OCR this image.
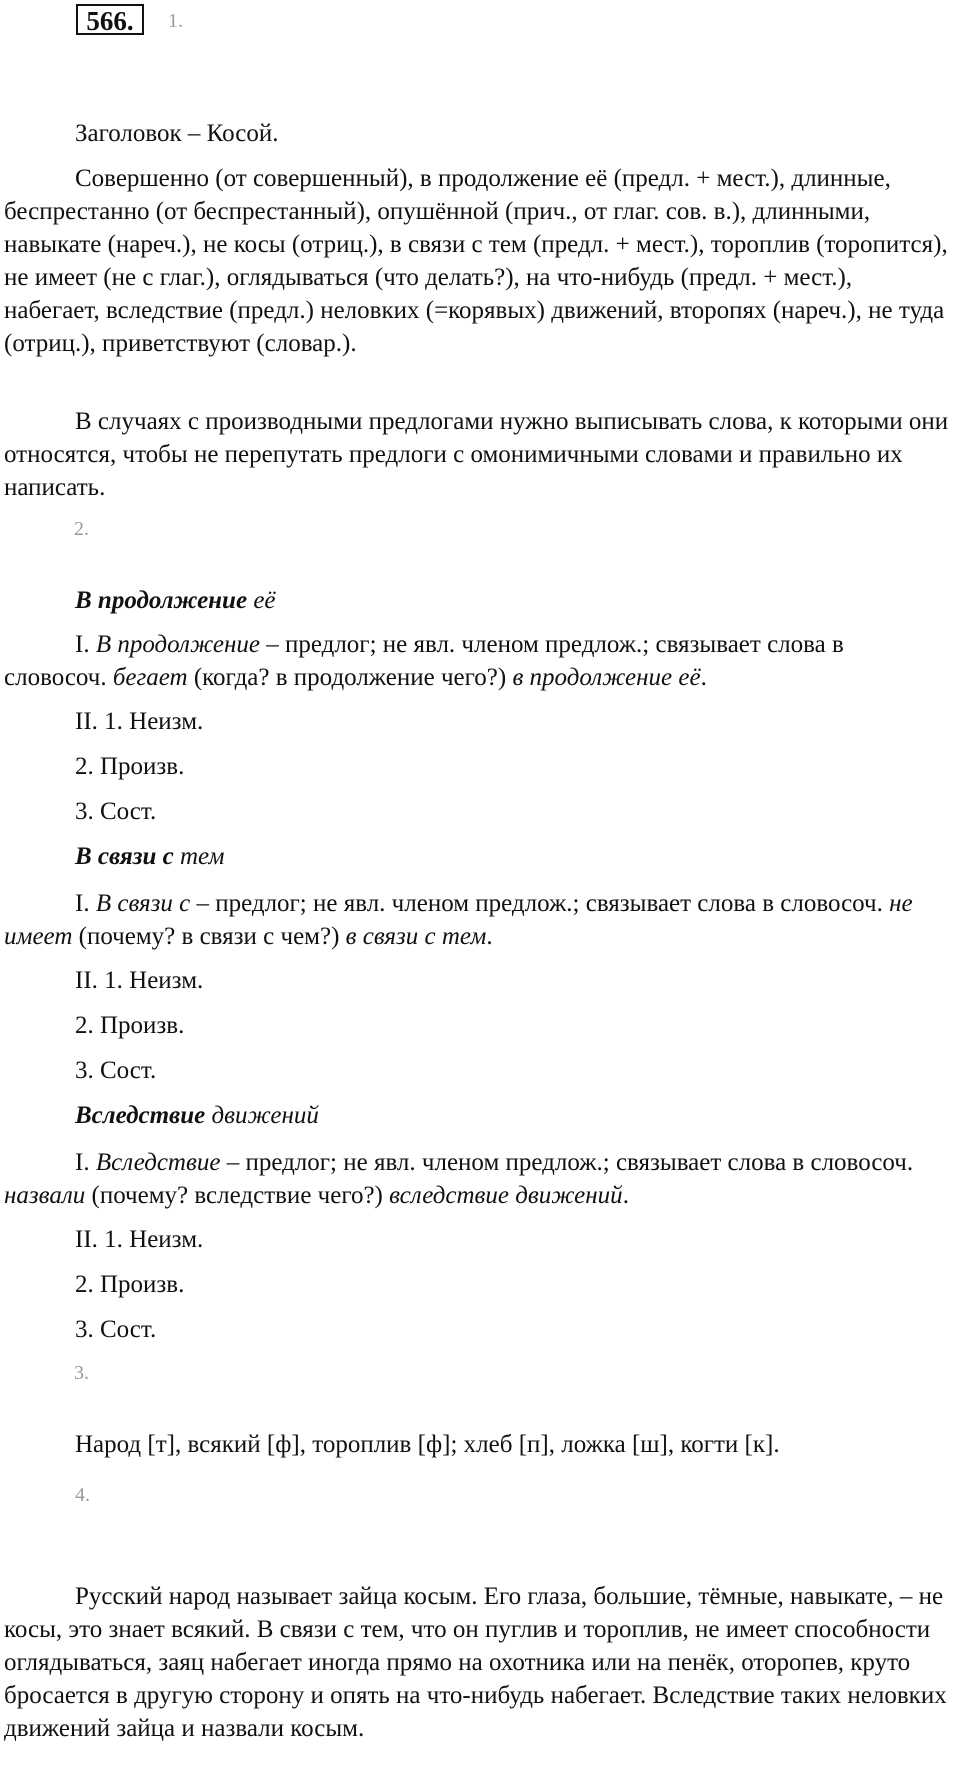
566.	1.
Заголовок – Косой.

Совершенно (от совершенный), в продолжение её (предл. + мест.), длинные, беспрестанно (от беспрестанный), опушённой (прич., от глаг. сов. в.), длинными, навыкате (нареч.), не косы (отриц.), в связи с тем (предл. + мест.), тороплив (торопится), не имеет (не с глаг.), оглядываться (что делать?), на что-нибудь (предл. + мест.), набегает, вследствие (предл.) неловких (=корявых) движений, второпях (нареч.), не туда (отриц.), приветствуют (словар.).

В случаях с производными предлогами нужно выписывать слова, к которыми они относятся, чтобы не перепутать предлоги с омонимичными словами и правильно их написать.

2.
В продолжение её

I. В продолжение – предлог; не явл. членом предлож.; связывает слова в словосоч. бегает (когда? в продолжение чего?) в продолжение её.

II. 1. Неизм.
2. Произв.
3. Сост.
В связи с тем

I. В связи с – предлог; не явл. членом предлож.; связывает слова в словосоч. не имеет (почему? в связи с чем?) в связи с тем.

II. 1. Неизм.
2. Произв.
3. Сост.
Вследствие движений

I. Вследствие – предлог; не явл. членом предлож.; связывает слова в словосоч. назвали (почему? вследствие чего?) вследствие движений.

II. 1. Неизм.
2. Произв.
3. Сост.
3.
Народ [т], всякий [ф], тороплив [ф]; хлеб [п], ложка [ш], когти [к].
4.

Русский народ называет зайца косым. Его глаза, большие, тёмные, навыкате, – не косы, это знает всякий. В связи с тем, что он пуглив и тороплив, не имеет способности оглядываться, заяц набегает иногда прямо на охотника или на пенёк, оторопев, круто бросается в другую сторону и опять на что-нибудь набегает. Вследствие таких неловких движений зайца и назвали косым.
